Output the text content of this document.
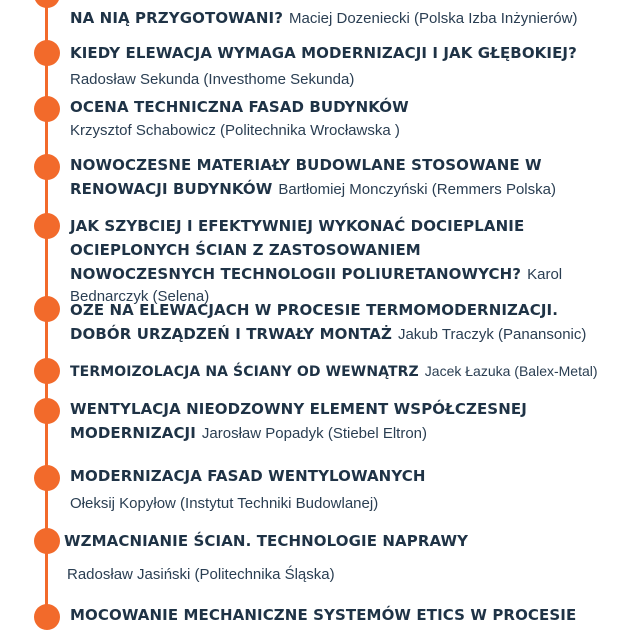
NA NIĄ PRZYGOTOWANI? Maciej Dozeniecki (Polska Izba Inżynierów)
KIEDY ELEWACJA WYMAGA MODERNIZACJI I JAK GŁĘBOKIEJ?
Radosław Sekunda (Investhome Sekunda)
OCENA TECHNICZNA FASAD BUDYNKÓW
Krzysztof Schabowicz (Politechnika Wrocławska )
NOWOCZESNE MATERIAŁY BUDOWLANE STOSOWANE W RENOWACJI BUDYNKÓW Bartłomiej Monczyński (Remmers Polska)
JAK SZYBCIEJ I EFEKTYWNIEJ WYKONAĆ DOCIEPLANIE OCIEPLONYCH ŚCIAN Z ZASTOSOWANIEM NOWOCZESNYCH TECHNOLOGII POLIURETANOWYCH? Karol Bednarczyk (Selena)
OZE NA ELEWACJACH W PROCESIE TERMOMODERNIZACJI. DOBÓR URZĄDZEŃ I TRWAŁY MONTAŻ Jakub Traczyk (Panansonic)
TERMOIZOLACJA NA ŚCIANY OD WEWNĄTRZ Jacek Łazuka (Balex-Metal)
WENTYLACJA NIEODZOWNY ELEMENT WSPÓŁCZESNEJ MODERNIZACJI Jarosław Popadyk (Stiebel Eltron)
MODERNIZACJA FASAD WENTYLOWANYCH
Ołeksij Kopyłow (Instytut Techniki Budowlanej)
WZMACNIANIE ŚCIAN. TECHNOLOGIE NAPRAWY
Radosław Jasiński (Politechnika Śląska)
MOCOWANIE MECHANICZNE SYSTEMÓW ETICS W PROCESIE
